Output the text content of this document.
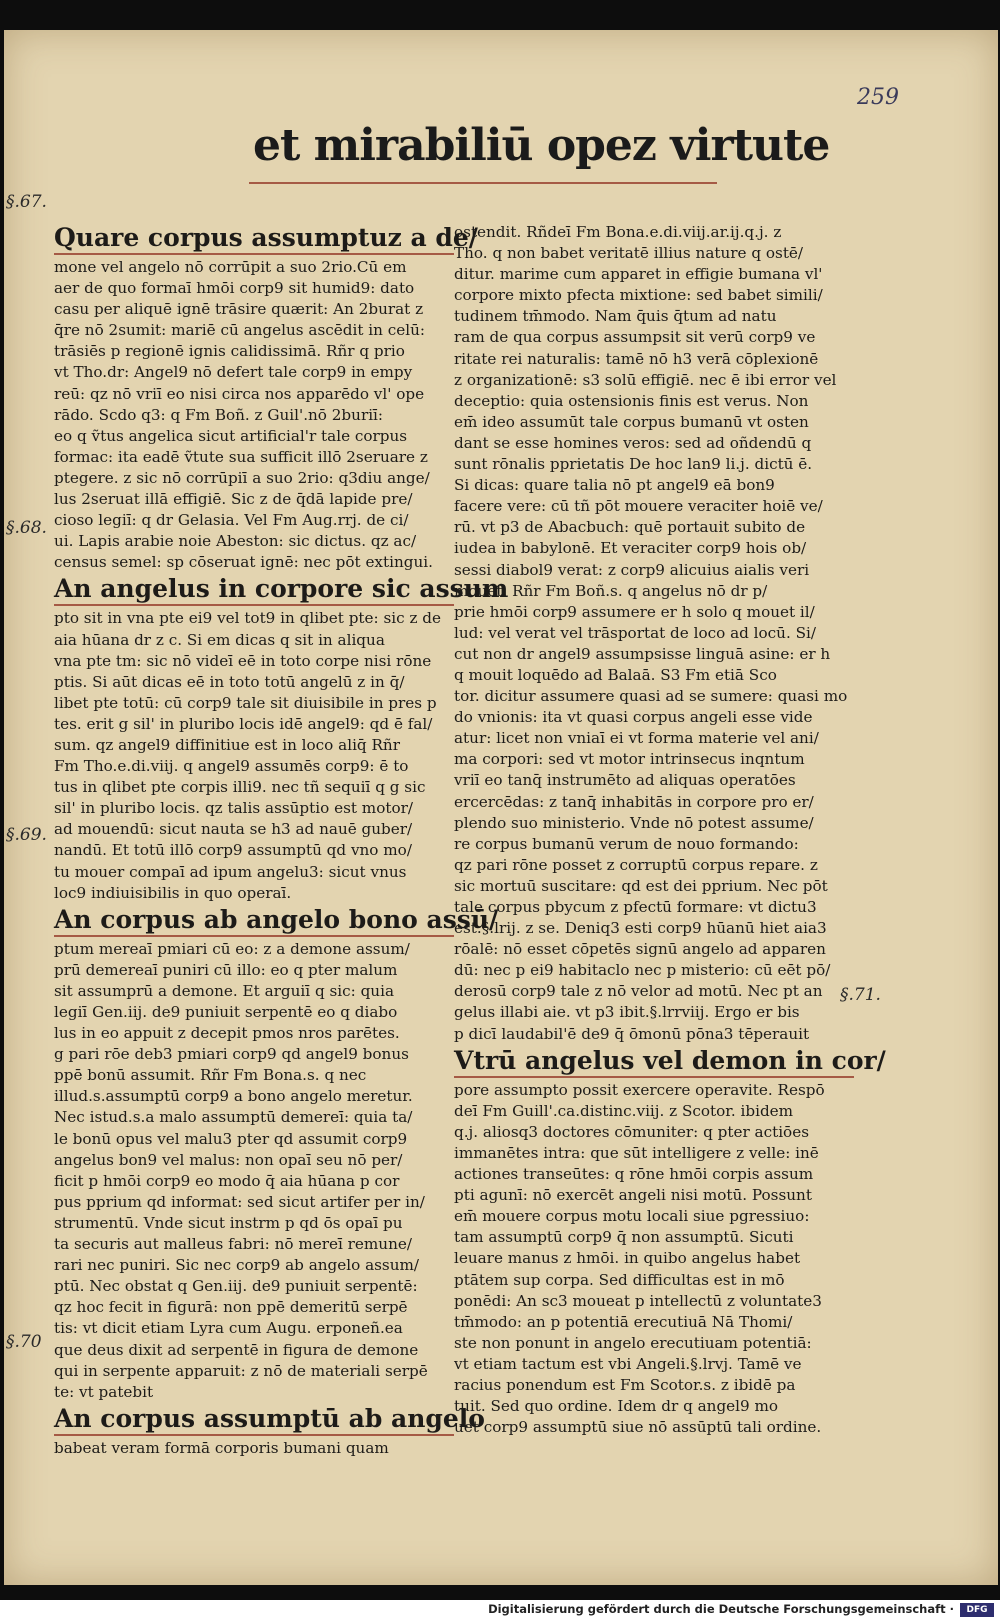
259
et mirabiliū opez virtute
§.67.
§.68.
§.69.
§.70
§.71.
Quare corpus assumptuz a de/
mone vel angelo nō corrūpit a suo 2rio.Cū em
aer de quo formaī hmōi corp9 sit humid9: dato
casu per aliquē ignē trāsire quærit: An 2burat z
q̄re nō 2sumit: mariē cū angelus ascēdit in celū:
trāsiēs p regionē ignis calidissimā. Rñr q prio
vt Tho.dr: Angel9 nō defert tale corp9 in empy
reū: qz nō vriī eo nisi circa nos apparēdo vl' ope
rādo. Scdo q3: q Fm Boñ. z Guil'.nō 2buriī:
eo q ṽtus angelica sicut artificial'r tale corpus
formac: ita eadē ṽtute sua sufficit illō 2seruare z
ptegere. z sic nō corrūpiī a suo 2rio: q3diu ange/
lus 2seruat illā effigiē. Sic z de q̄dā lapide pre/
cioso legiī: q dr Gelasia. Vel Fm Aug.rrj. de ci/
ui. Lapis arabie noie Abeston: sic dictus. qz ac/
census semel: sp cōseruat ignē: nec pōt extingui.
An angelus in corpore sic assum
pto sit in vna pte ei9 vel tot9 in qlibet pte: sic z de
aia hūana dr z c. Si em dicas q sit in aliqua
vna pte tm: sic nō videī eē in toto corpe nisi rōne
ptis. Si aūt dicas eē in toto totū angelū z in q̄/
libet pte totū: cū corp9 tale sit diuisibile in pres p
tes. erit g sil' in pluribo locis idē angel9: qd ē fal/
sum. qz angel9 diffinitiue est in loco aliq̄ Rñr
Fm Tho.e.di.viij. q angel9 assumēs corp9: ē to
tus in qlibet pte corpis illi9. nec tñ sequiī q g sic
sil' in pluribo locis. qz talis assūptio est motor/
ad mouendū: sicut nauta se h3 ad nauē guber/
nandū. Et totū illō corp9 assumptū qd vno mo/
tu mouer compaī ad ipum angelu3: sicut vnus
loc9 indiuisibilis in quo operaī.
An corpus ab angelo bono assū/
ptum mereaī pmiari cū eo: z a demone assum/
prū demereaī puniri cū illo: eo q pter malum
sit assumprū a demone. Et arguiī q sic: quia
legiī Gen.iij. de9 puniuit serpentē eo q diabo
lus in eo appuit z decepit pmos nros parētes.
g pari rōe deb3 pmiari corp9 qd angel9 bonus
ppē bonū assumit. Rñr Fm Bona.s. q nec
illud.s.assumptū corp9 a bono angelo meretur.
Nec istud.s.a malo assumptū demereī: quia ta/
le bonū opus vel malu3 pter qd assumit corp9
angelus bon9 vel malus: non opaī seu nō per/
ficit p hmōi corp9 eo modo q̄ aia hūana p cor
pus pprium qd informat: sed sicut artifer per in/
strumentū. Vnde sicut instrm p qd ōs opaī pu
ta securis aut malleus fabri: nō mereī remune/
rari nec puniri. Sic nec corp9 ab angelo assum/
ptū. Nec obstat q Gen.iij. de9 puniuit serpentē:
qz hoc fecit in figurā: non ppē demeritū serpē
tis: vt dicit etiam Lyra cum Augu. erponeñ.ea
que deus dixit ad serpentē in figura de demone
qui in serpente apparuit: z nō de materiali serpē
te: vt patebit
An corpus assumptū ab angelo
babeat veram formā corporis bumani quam
ostendit. Rñdeī Fm Bona.e.di.viij.ar.ij.q.j. z
Tho. q non babet veritatē illius nature q ostē/
ditur. marime cum apparet in effigie bumana vl'
corpore mixto pfecta mixtione: sed babet simili/
tudinem tm̄modo. Nam q̄uis q̄tum ad natu
ram de qua corpus assumpsit sit verū corp9 ve
ritate rei naturalis: tamē nō h3 verā cōplexionē
z organizationē: s3 solū effigiē. nec ē ibi error vel
deceptio: quia ostensionis finis est verus. Non
em̄ ideo assumūt tale corpus bumanū vt osten
dant se esse homines veros: sed ad oñdendū q
sunt rōnalis pprietatis De hoc lan9 li.j. dictū ē.
Si dicas: quare talia nō pt angel9 eā bon9
facere vere: cū tñ pōt mouere veraciter hoiē ve/
rū. vt p3 de Abacbuch: quē portauit subito de
iudea in babylonē. Et veraciter corp9 hois ob/
sessi diabol9 verat: z corp9 alicuius aialis veri
mouet. Rñr Fm Boñ.s. q angelus nō dr p/
prie hmōi corp9 assumere er h solo q mouet il/
lud: vel verat vel trāsportat de loco ad locū. Si/
cut non dr angel9 assumpsisse linguā asine: er h
q mouit loquēdo ad Balaā. S3 Fm etiā Sco
tor. dicitur assumere quasi ad se sumere: quasi mo
do vnionis: ita vt quasi corpus angeli esse vide
atur: licet non vniaī ei vt forma materie vel ani/
ma corpori: sed vt motor intrinsecus inqntum
vriī eo tanq̄ instrumēto ad aliquas operatōes
ercercēdas: z tanq̄ inhabitās in corpore pro er/
plendo suo ministerio. Vnde nō potest assume/
re corpus bumanū verum de nouo formando:
qz pari rōne posset z corruptū corpus repare. z
sic mortuū suscitare: qd est dei pprium. Nec pōt
tale corpus pbycum z pfectū formare: vt dictu3
est.§.lrij. z se. Deniq3 esti corp9 hūanū hiet aia3
rōalē: nō esset cōpetēs signū angelo ad apparen
dū: nec p ei9 habitaclo nec p misterio: cū eēt pō/
derosū corp9 tale z nō velor ad motū. Nec pt an
gelus illabi aie. vt p3 ibit.§.lrrviij. Ergo er bis
p dicī laudabil'ē de9 q̄ ōmonū pōna3 tēperauit
Vtrū angelus vel demon in cor/
pore assumpto possit exercere operavite. Respō
deī Fm Guill'.ca.distinc.viij. z Scotor. ibidem
q.j. aliosq3 doctores cōmuniter: q pter actiōes
immanētes intra: que sūt intelligere z velle: inē
actiones transeūtes: q rōne hmōi corpis assum
pti agunī: nō exercēt angeli nisi motū. Possunt
em̄ mouere corpus motu locali siue pgressiuo:
tam assumptū corp9 q̄ non assumptū. Sicuti
leuare manus z hmōi. in quibo angelus habet
ptātem sup corpa. Sed difficultas est in mō
ponēdi: An sc3 moueat p intellectū z voluntate3
tm̄modo: an p potentiā erecutiuā Nā Thomi/
ste non ponunt in angelo erecutiuam potentiā:
vt etiam tactum est vbi Angeli.§.lrvj. Tamē ve
racius ponendum est Fm Scotor.s. z ibidē pa
tuit. Sed quo ordine. Idem dr q angel9 mo
uet corp9 assumptū siue nō assūptū tali ordine.
Digitalisierung gefördert durch die Deutsche Forschungsgemeinschaft ·	DFG
